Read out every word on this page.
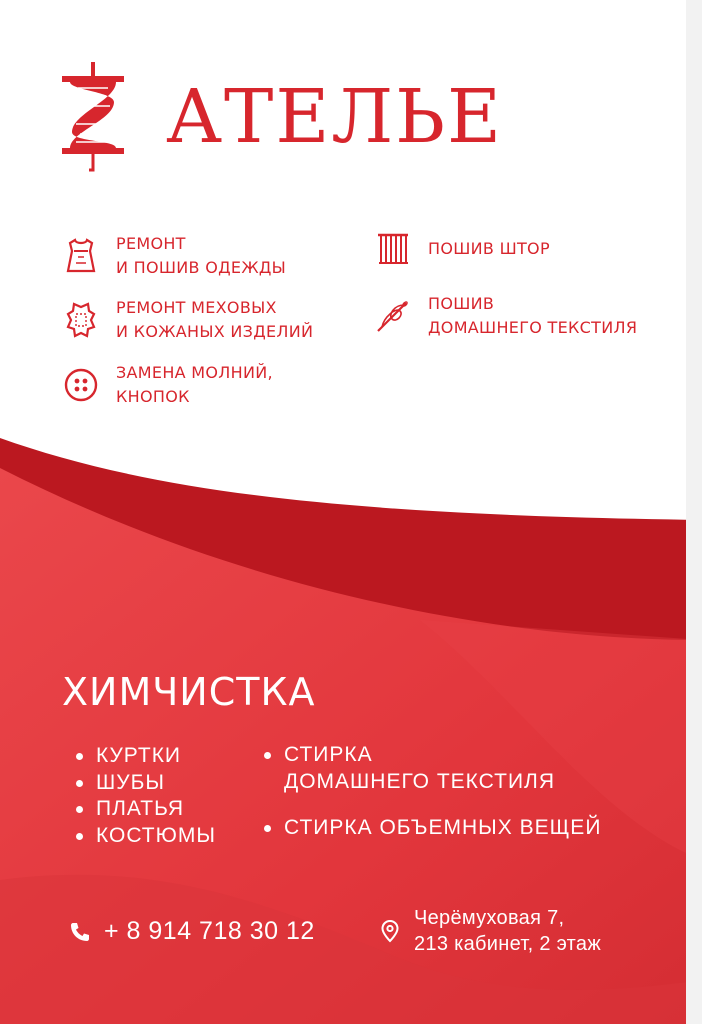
АТЕЛЬЕ
РЕМОНТ
И ПОШИВ ОДЕЖДЫ
РЕМОНТ МЕХОВЫХ
И КОЖАНЫХ ИЗДЕЛИЙ
ЗАМЕНА МОЛНИЙ,
КНОПОК
ПОШИВ ШТОР
ПОШИВ
ДОМАШНЕГО ТЕКСТИЛЯ
ХИМЧИСТКА
КУРТКИ
ШУБЫ
ПЛАТЬЯ
КОСТЮМЫ
СТИРКА
ДОМАШНЕГО ТЕКСТИЛЯ
СТИРКА ОБЪЕМНЫХ ВЕЩЕЙ
+ 8 914 718 30 12	Черёмуховая 7,
213 кабинет, 2 этаж
